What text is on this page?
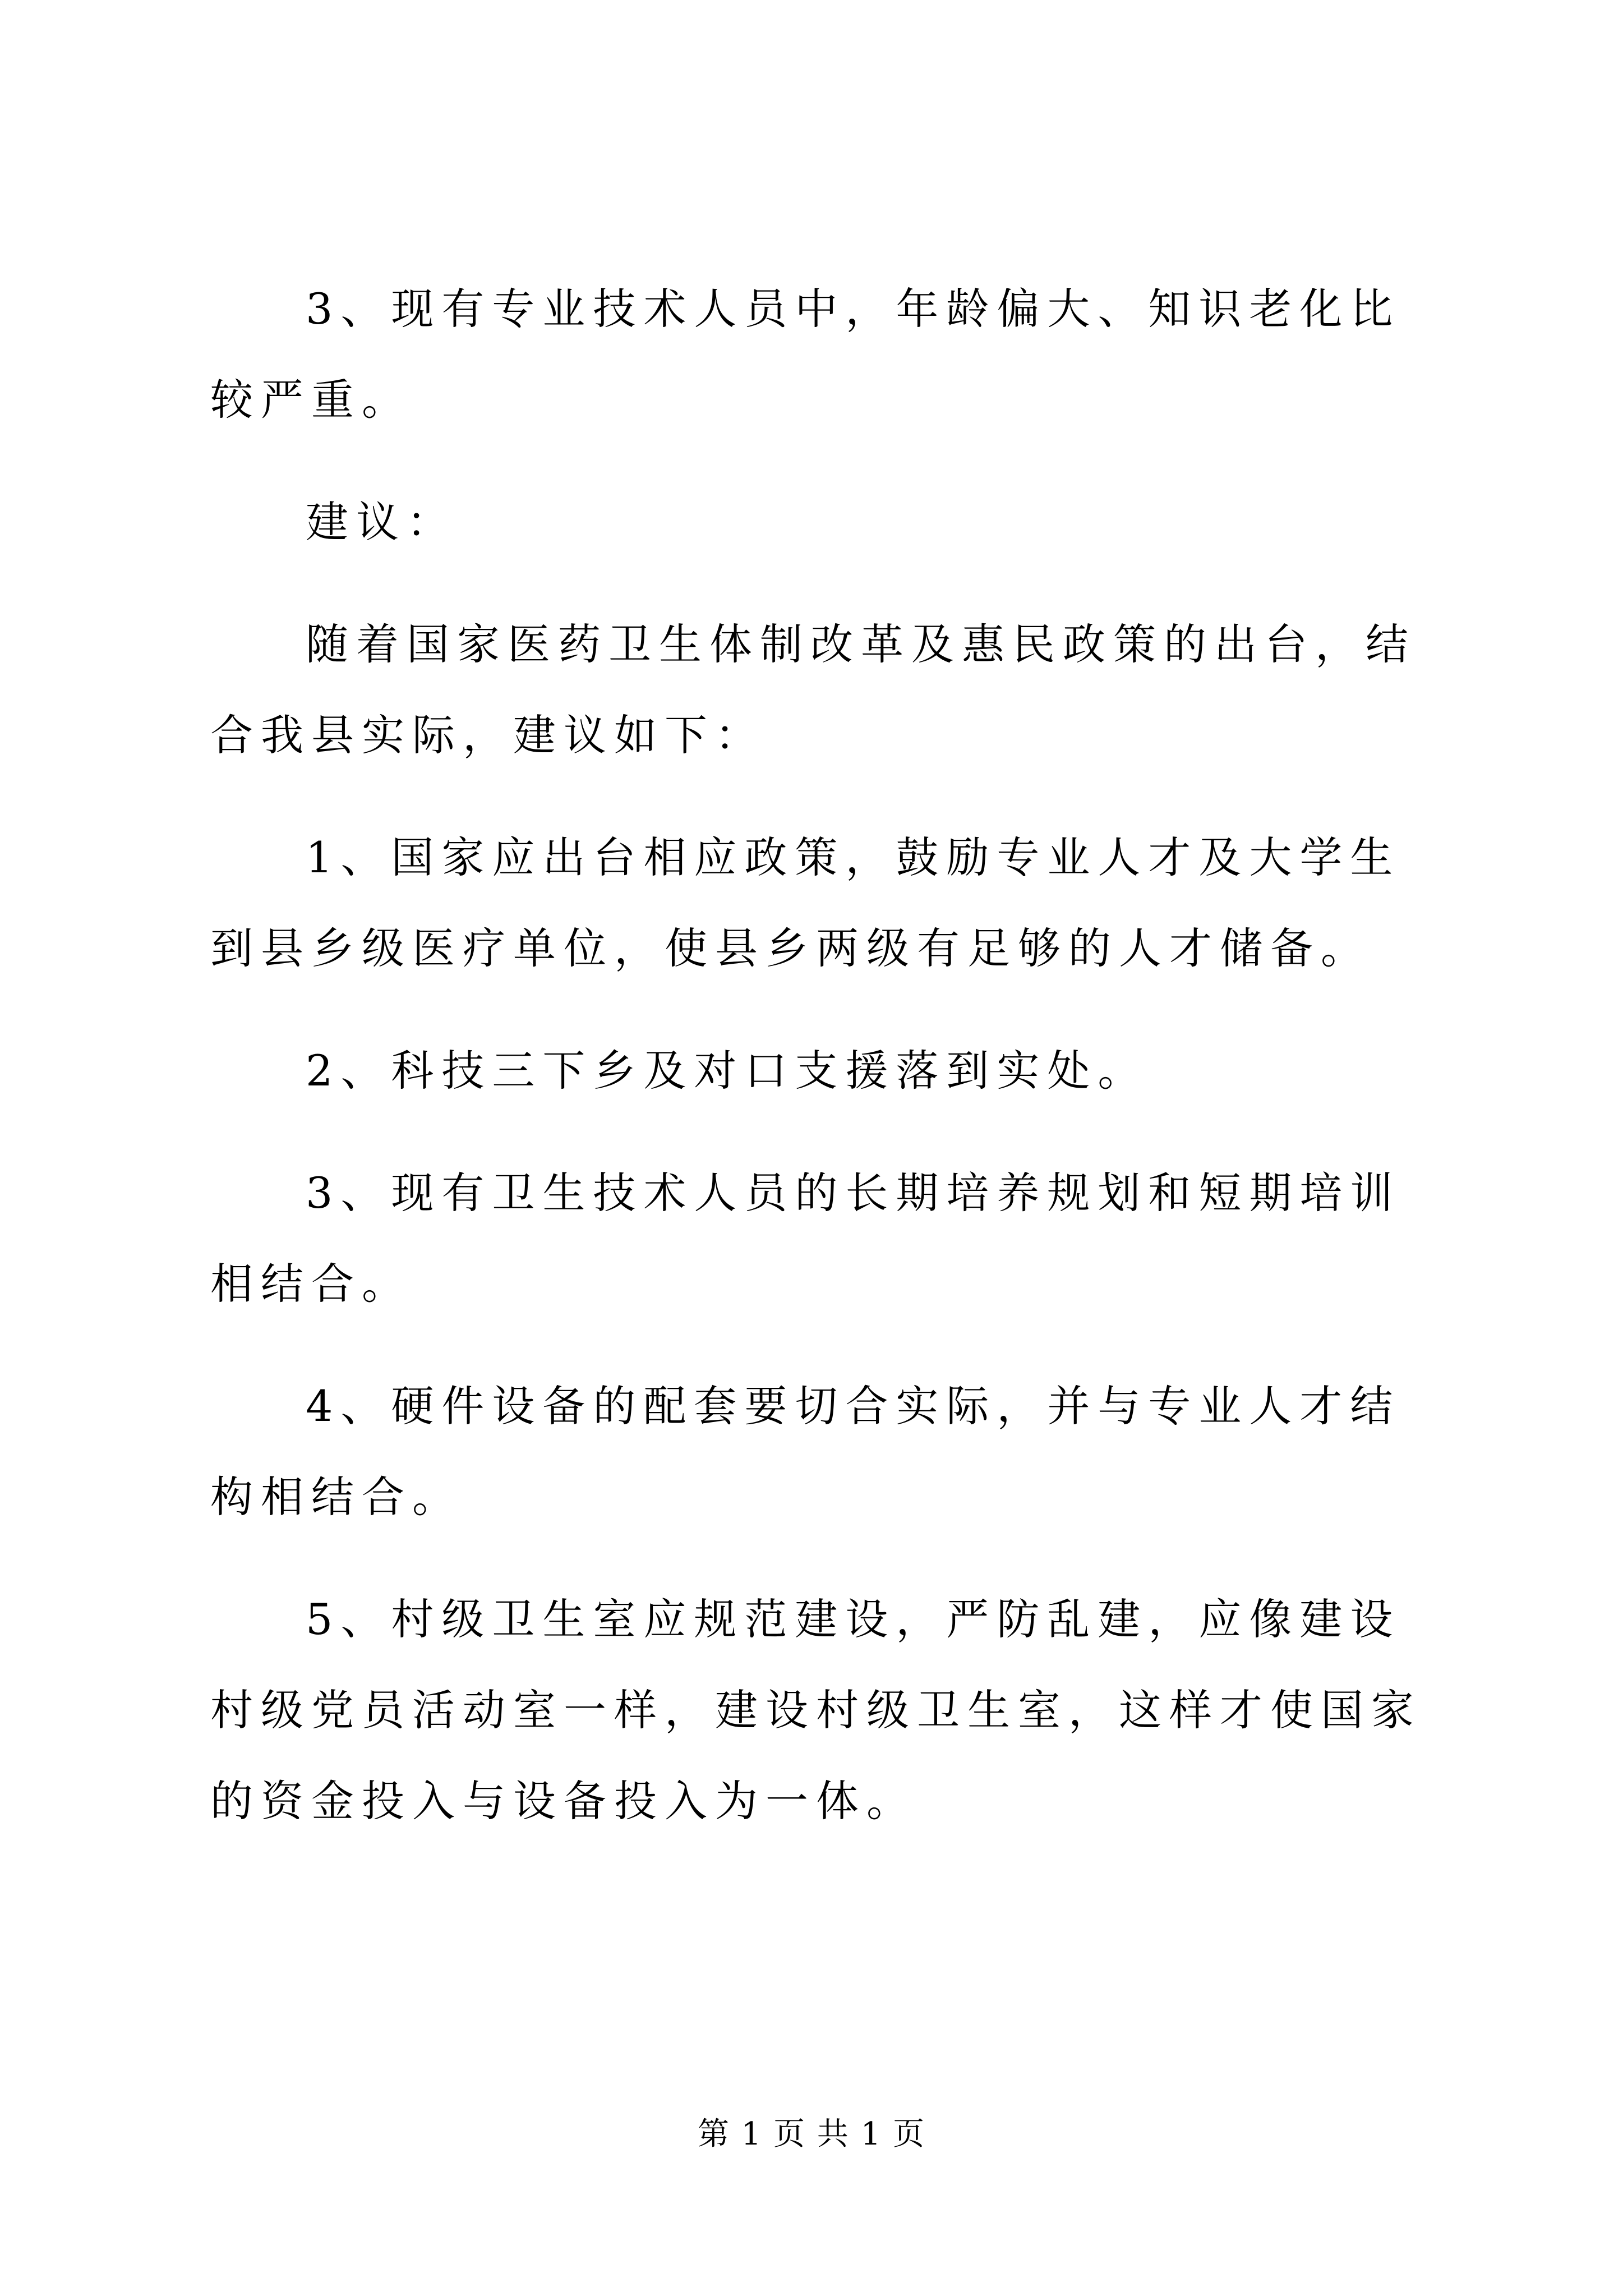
3、现有专业技术人员中，年龄偏大、知识老化比较严重。

建议：

随着国家医药卫生体制改革及惠民政策的出台，结合我县实际，建议如下：

1、国家应出台相应政策，鼓励专业人才及大学生到县乡级医疗单位，使县乡两级有足够的人才储备。

2、科技三下乡及对口支援落到实处。

3、现有卫生技术人员的长期培养规划和短期培训相结合。

4、硬件设备的配套要切合实际，并与专业人才结构相结合。

5、村级卫生室应规范建设，严防乱建，应像建设村级党员活动室一样，建设村级卫生室，这样才使国家的资金投入与设备投入为一体。

第 1 页 共 1 页
